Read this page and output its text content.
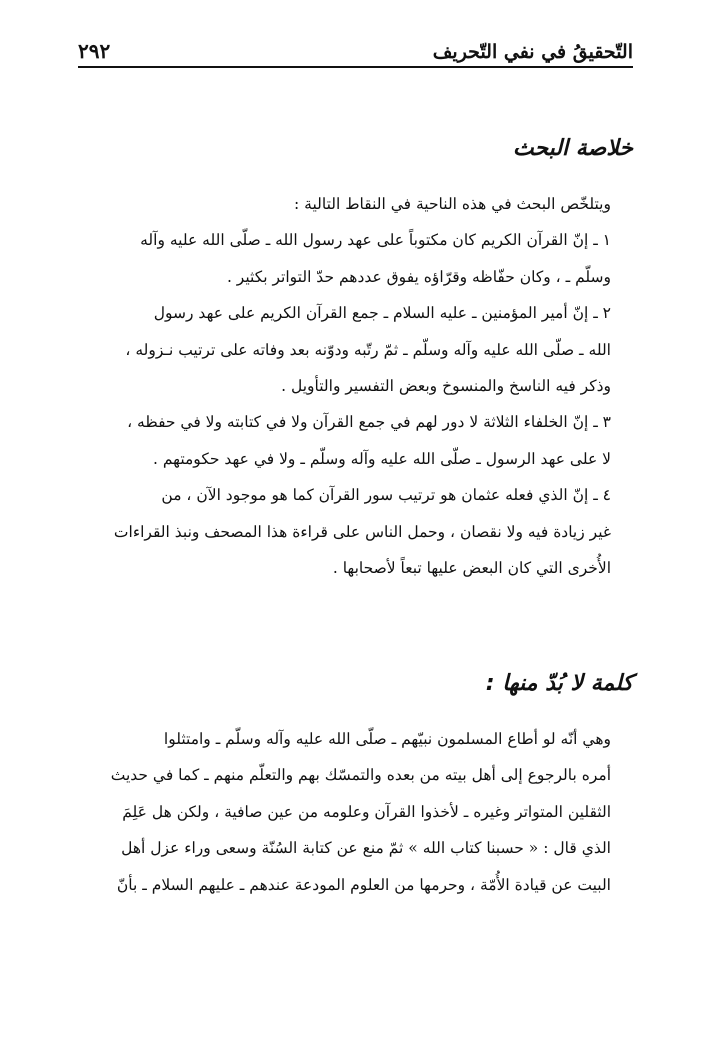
التّحقيقُ في نفي التّحريف
٢٩٢
خلاصة البحث

ويتلخّص البحث في هذه الناحية في النقاط التالية :

١ ـ إنّ القرآن الكريم كان مكتوباً على عهد رسول الله ـ صلّى الله عليه وآله
وسلّم ـ ، وكان حفّاظه وقرّاؤه يفوق عددهم حدّ التواتر بكثير .
٢ ـ إنّ أمير المؤمنين ـ عليه السلام ـ جمع القرآن الكريم على عهد رسول
الله ـ صلّى الله عليه وآله وسلّم ـ ثمّ رتّبه ودوّنه بعد وفاته على ترتيب نـزوله ،
وذكر فيه الناسخ والمنسوخ وبعض التفسير والتأويل .
٣ ـ إنّ الخلفاء الثلاثة لا دور لهم في جمع القرآن ولا في كتابته ولا في حفظه ،
لا على عهد الرسول ـ صلّى الله عليه وآله وسلّم ـ ولا في عهد حكومتهم .
٤ ـ إنّ الذي فعله عثمان هو ترتيب سور القرآن كما هو موجود الآن ، من
غير زيادة فيه ولا نقصان ، وحمل الناس على قراءة هذا المصحف ونبذ القراءات
الأُخرى التي كان البعض عليها تبعاً لأصحابها .
كلمة لا بُدّ منها :
وهي أنّه لو أطاع المسلمون نبيّهم ـ صلّى الله عليه وآله وسلّم ـ وامتثلوا
أمره بالرجوع إلى أهل بيته من بعده والتمسّك بهم والتعلّم منهم ـ كما في حديث
الثقلين المتواتر وغيره ـ لأخذوا القرآن وعلومه من عين صافية ، ولكن هل عَلِمَ
الذي قال : « حسبنا كتاب الله » ثمّ منع عن كتابة السُنّة وسعى وراء عزل أهل
البيت عن قيادة الأُمّة ، وحرمها من العلوم المودعة عندهم ـ عليهم السلام ـ بأنّ
